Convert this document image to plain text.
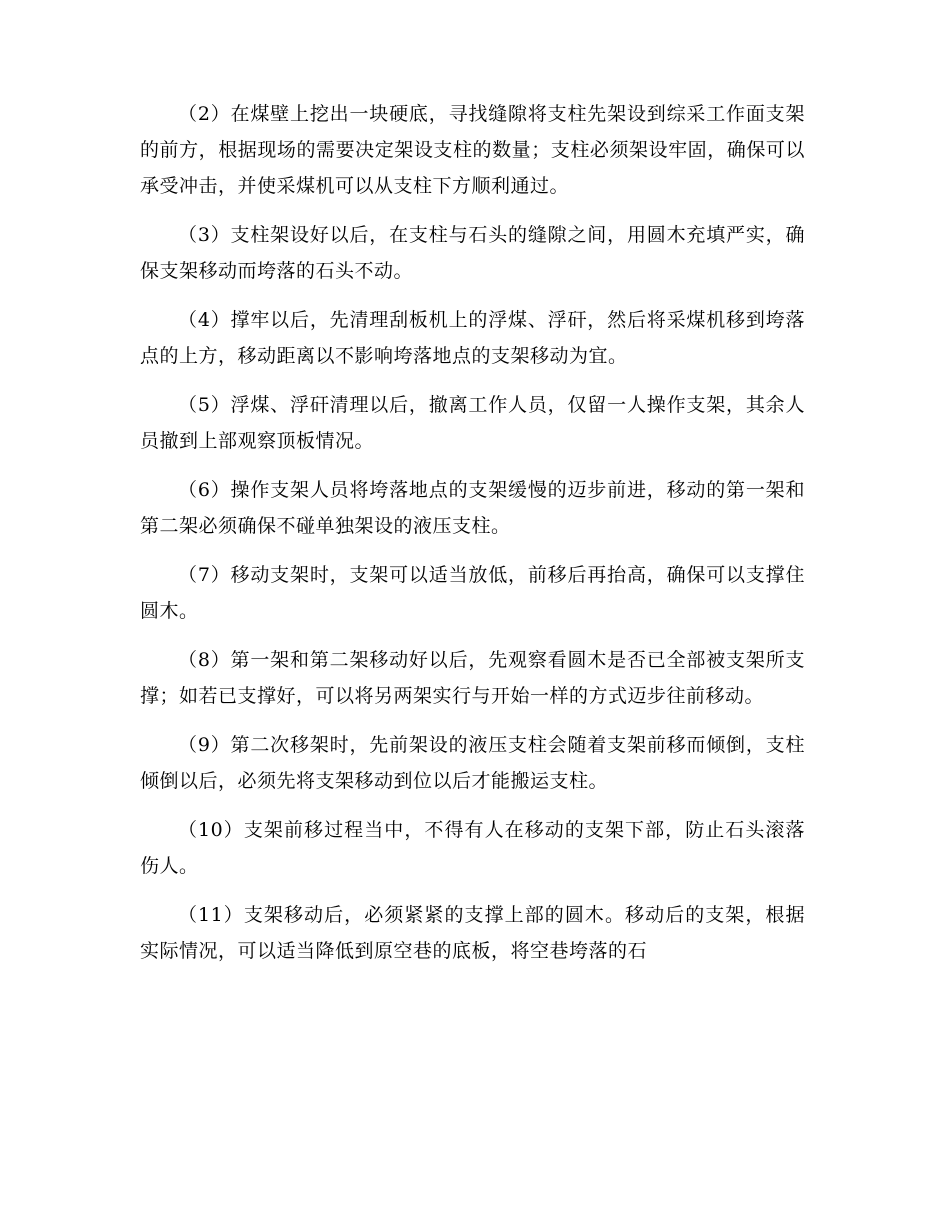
（2）在煤壁上挖出一块硬底，寻找缝隙将支柱先架设到综采工作面支架的前方，根据现场的需要决定架设支柱的数量；支柱必须架设牢固，确保可以承受冲击，并使采煤机可以从支柱下方顺利通过。

（3）支柱架设好以后，在支柱与石头的缝隙之间，用圆木充填严实，确保支架移动而垮落的石头不动。

（4）撑牢以后，先清理刮板机上的浮煤、浮矸，然后将采煤机移到垮落点的上方，移动距离以不影响垮落地点的支架移动为宜。

（5）浮煤、浮矸清理以后，撤离工作人员，仅留一人操作支架，其余人员撤到上部观察顶板情况。

（6）操作支架人员将垮落地点的支架缓慢的迈步前进，移动的第一架和第二架必须确保不碰单独架设的液压支柱。

（7）移动支架时，支架可以适当放低，前移后再抬高，确保可以支撑住圆木。

（8）第一架和第二架移动好以后，先观察看圆木是否已全部被支架所支撑；如若已支撑好，可以将另两架实行与开始一样的方式迈步往前移动。

（9）第二次移架时，先前架设的液压支柱会随着支架前移而倾倒，支柱倾倒以后，必须先将支架移动到位以后才能搬运支柱。

（10）支架前移过程当中，不得有人在移动的支架下部，防止石头滚落伤人。

（11）支架移动后，必须紧紧的支撑上部的圆木。移动后的支架，根据实际情况，可以适当降低到原空巷的底板，将空巷垮落的石
